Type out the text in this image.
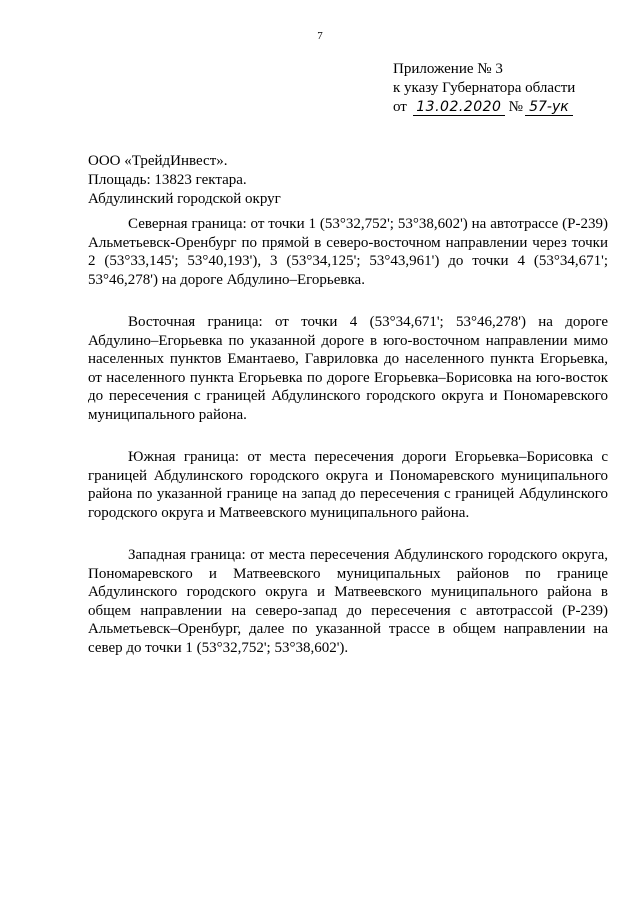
7
Приложение № 3
к указу Губернатора области
от 13.02.2020 № 57-ук
ООО «ТрейдИнвест».
Площадь: 13823 гектара.
Абдулинский городской округ

Северная граница: от точки 1 (53°32,752'; 53°38,602') на автотрассе (Р-239) Альметьевск-Оренбург по прямой в северо-восточном направлении через точки 2 (53°33,145'; 53°40,193'), 3 (53°34,125'; 53°43,961') до точки 4 (53°34,671'; 53°46,278') на дороге Абдулино–Егорьевка.

Восточная граница: от точки 4 (53°34,671'; 53°46,278') на дороге Абдулино–Егорьевка по указанной дороге в юго-восточном направлении мимо населенных пунктов Емантаево, Гавриловка до населенного пункта Егорьевка, от населенного пункта Егорьевка по дороге Егорьевка–Борисовка на юго-восток до пересечения с границей Абдулинского городского округа и Пономаревского муниципального района.

Южная граница: от места пересечения дороги Егорьевка–Борисовка с границей Абдулинского городского округа и Пономаревского муниципального района по указанной границе на запад до пересечения с границей Абдулинского городского округа и Матвеевского муниципального района.

Западная граница: от места пересечения Абдулинского городского округа, Пономаревского и Матвеевского муниципальных районов по границе Абдулинского городского округа и Матвеевского муниципального района в общем направлении на северо-запад до пересечения с автотрассой (Р-239) Альметьевск–Оренбург, далее по указанной трассе в общем направлении на север до точки 1 (53°32,752'; 53°38,602').
